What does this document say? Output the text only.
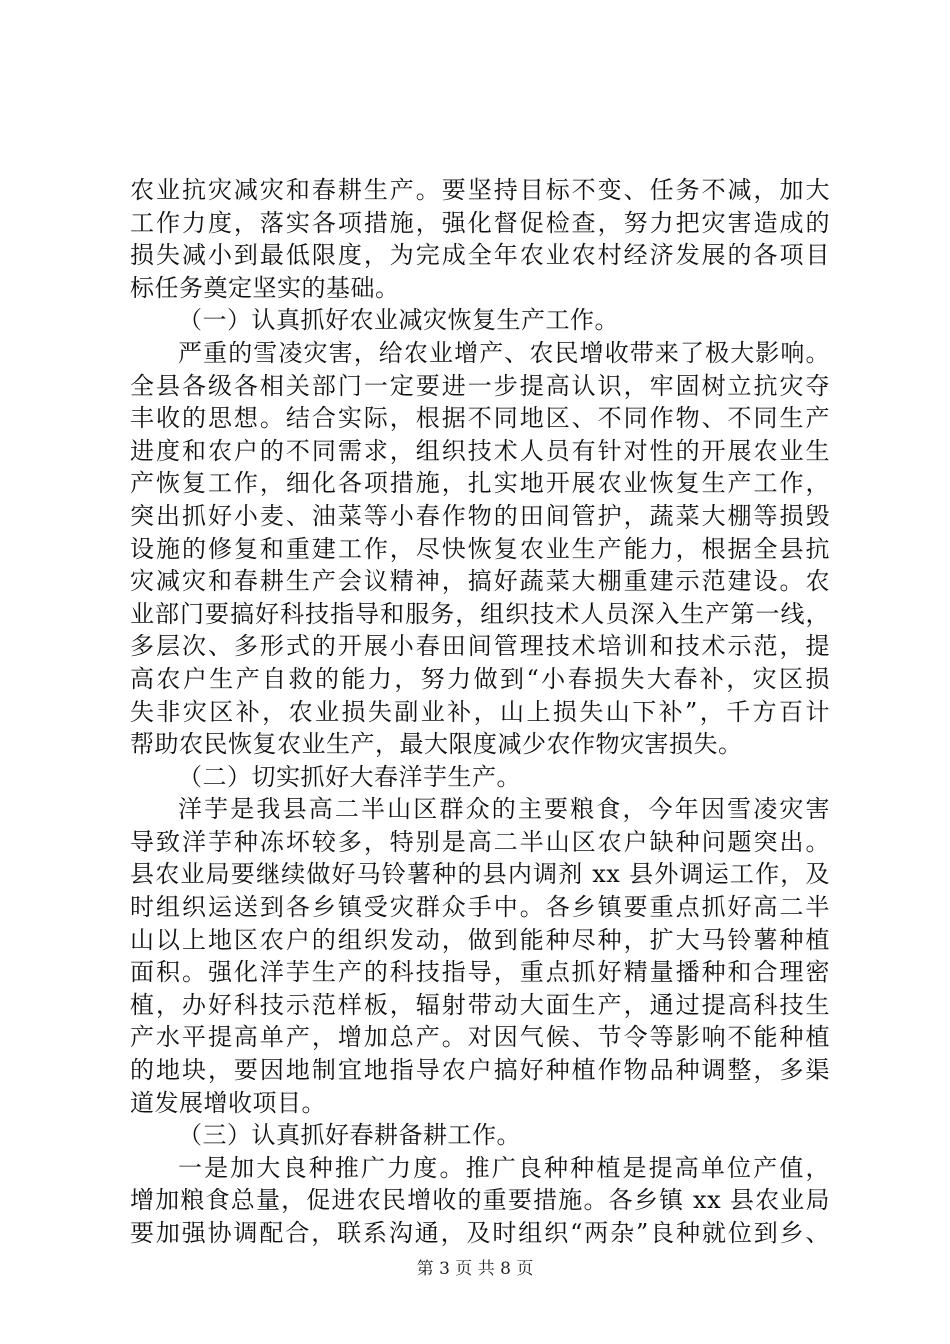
农业抗灾减灾和春耕生产。要坚持目标不变、任务不减，加大
工作力度，落实各项措施，强化督促检查，努力把灾害造成的
损失减小到最低限度，为完成全年农业农村经济发展的各项目
标任务奠定坚实的基础。
（一）认真抓好农业减灾恢复生产工作。
严重的雪凌灾害，给农业增产、农民增收带来了极大影响。
全县各级各相关部门一定要进一步提高认识，牢固树立抗灾夺
丰收的思想。结合实际，根据不同地区、不同作物、不同生产
进度和农户的不同需求，组织技术人员有针对性的开展农业生
产恢复工作，细化各项措施，扎实地开展农业恢复生产工作，
突出抓好小麦、油菜等小春作物的田间管护，蔬菜大棚等损毁
设施的修复和重建工作，尽快恢复农业生产能力，根据全县抗
灾减灾和春耕生产会议精神，搞好蔬菜大棚重建示范建设。农
业部门要搞好科技指导和服务，组织技术人员深入生产第一线，
多层次、多形式的开展小春田间管理技术培训和技术示范，提
高农户生产自救的能力，努力做到“小春损失大春补，灾区损
失非灾区补，农业损失副业补，山上损失山下补”，千方百计
帮助农民恢复农业生产，最大限度减少农作物灾害损失。
（二）切实抓好大春洋芋生产。
洋芋是我县高二半山区群众的主要粮食，今年因雪凌灾害
导致洋芋种冻坏较多，特别是高二半山区农户缺种问题突出。
县农业局要继续做好马铃薯种的县内调剂 xx 县外调运工作，及
时组织运送到各乡镇受灾群众手中。各乡镇要重点抓好高二半
山以上地区农户的组织发动，做到能种尽种，扩大马铃薯种植
面积。强化洋芋生产的科技指导，重点抓好精量播种和合理密
植，办好科技示范样板，辐射带动大面生产，通过提高科技生
产水平提高单产，增加总产。对因气候、节令等影响不能种植
的地块，要因地制宜地指导农户搞好种植作物品种调整，多渠
道发展增收项目。
（三）认真抓好春耕备耕工作。
一是加大良种推广力度。推广良种种植是提高单位产值，
增加粮食总量，促进农民增收的重要措施。各乡镇 xx 县农业局
要加强协调配合，联系沟通，及时组织“两杂”良种就位到乡、
第 3 页 共 8 页
